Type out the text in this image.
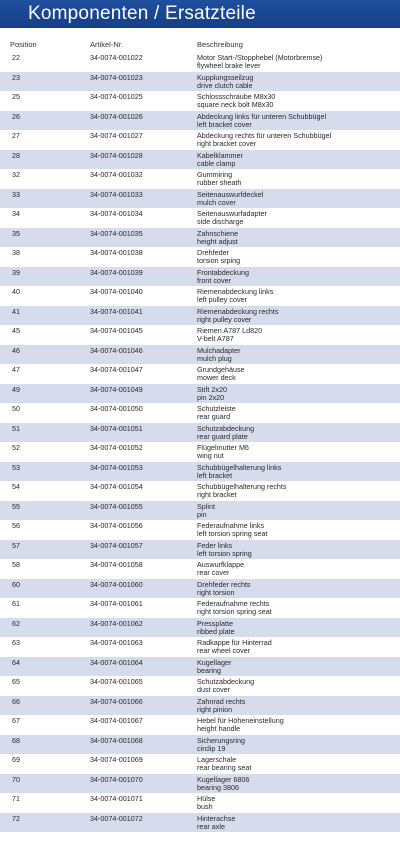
Komponenten / Ersatzteile
Position	Artikel-Nr.	Beschreibung
22	34-0074-001022	Motor Start-/Stopphebel (Motorbremse)
flywheel brake lever
23	34-0074-001023	Kupplungsseilzug
drive clutch cable
25	34-0074-001025	Schlossschraube M8x30
square neck bolt M8x30
26	34-0074-001026	Abdeckung links für unteren Schubbügel
left bracket cover
27	34-0074-001027	Abdeckung rechts für unteren Schubbügel
right bracket cover
28	34-0074-001028	Kabelklammer
cable clamp
32	34-0074-001032	Gummiring
rubber sheath
33	34-0074-001033	Seitenauswurfdeckel
mulch cover
34	34-0074-001034	Seitenauswurfadapter
side discharge
35	34-0074-001035	Zahnschiene
height adjust
38	34-0074-001038	Drehfeder
torsion srping
39	34-0074-001039	Frontabdeckung
front cover
40	34-0074-001040	Riemenabdeckung links
left pulley cover
41	34-0074-001041	Riemenabdeckung rechts
right pulley cover
45	34-0074-001045	Riemen A787 Ld820
V-belt A787
46	34-0074-001046	Mulchadapter
mulch plug
47	34-0074-001047	Grundgehäuse
mower deck
49	34-0074-001049	Stift 2x20
pin 2x20
50	34-0074-001050	Schutzleiste
rear guard
51	34-0074-001051	Schutzabdeckung
rear guard plate
52	34-0074-001052	Flügelmutter M6
wing nut
53	34-0074-001053	Schubbügelhalterung links
left bracket
54	34-0074-001054	Schubbügelhalterung rechts
right bracket
55	34-0074-001055	Splint
pin
56	34-0074-001056	Federaufnahme links
left torsion spring seat
57	34-0074-001057	Feder links
left torsion spring
58	34-0074-001058	Auswurfklappe
rear cover
60	34-0074-001060	Drehfeder rechts
right torsion
61	34-0074-001061	Federaufnahme rechts
right torsion spring seat
62	34-0074-001062	Pressplatte
ribbed plate
63	34-0074-001063	Radkappe für Hinterrad
rear wheel cover
64	34-0074-001064	Kugellager
bearing
65	34-0074-001065	Schutzabdeckung
dust cover
66	34-0074-001066	Zahnrad rechts
right pinion
67	34-0074-001067	Hebel für Höheneinstellung
height handle
68	34-0074-001068	Sicherungsring
circlip 19
69	34-0074-001069	Lagerschale
rear bearing seat
70	34-0074-001070	Kugellager 6806
bearing 3806
71	34-0074-001071	Hülse
bush
72	34-0074-001072	Hinterachse
rear axle
